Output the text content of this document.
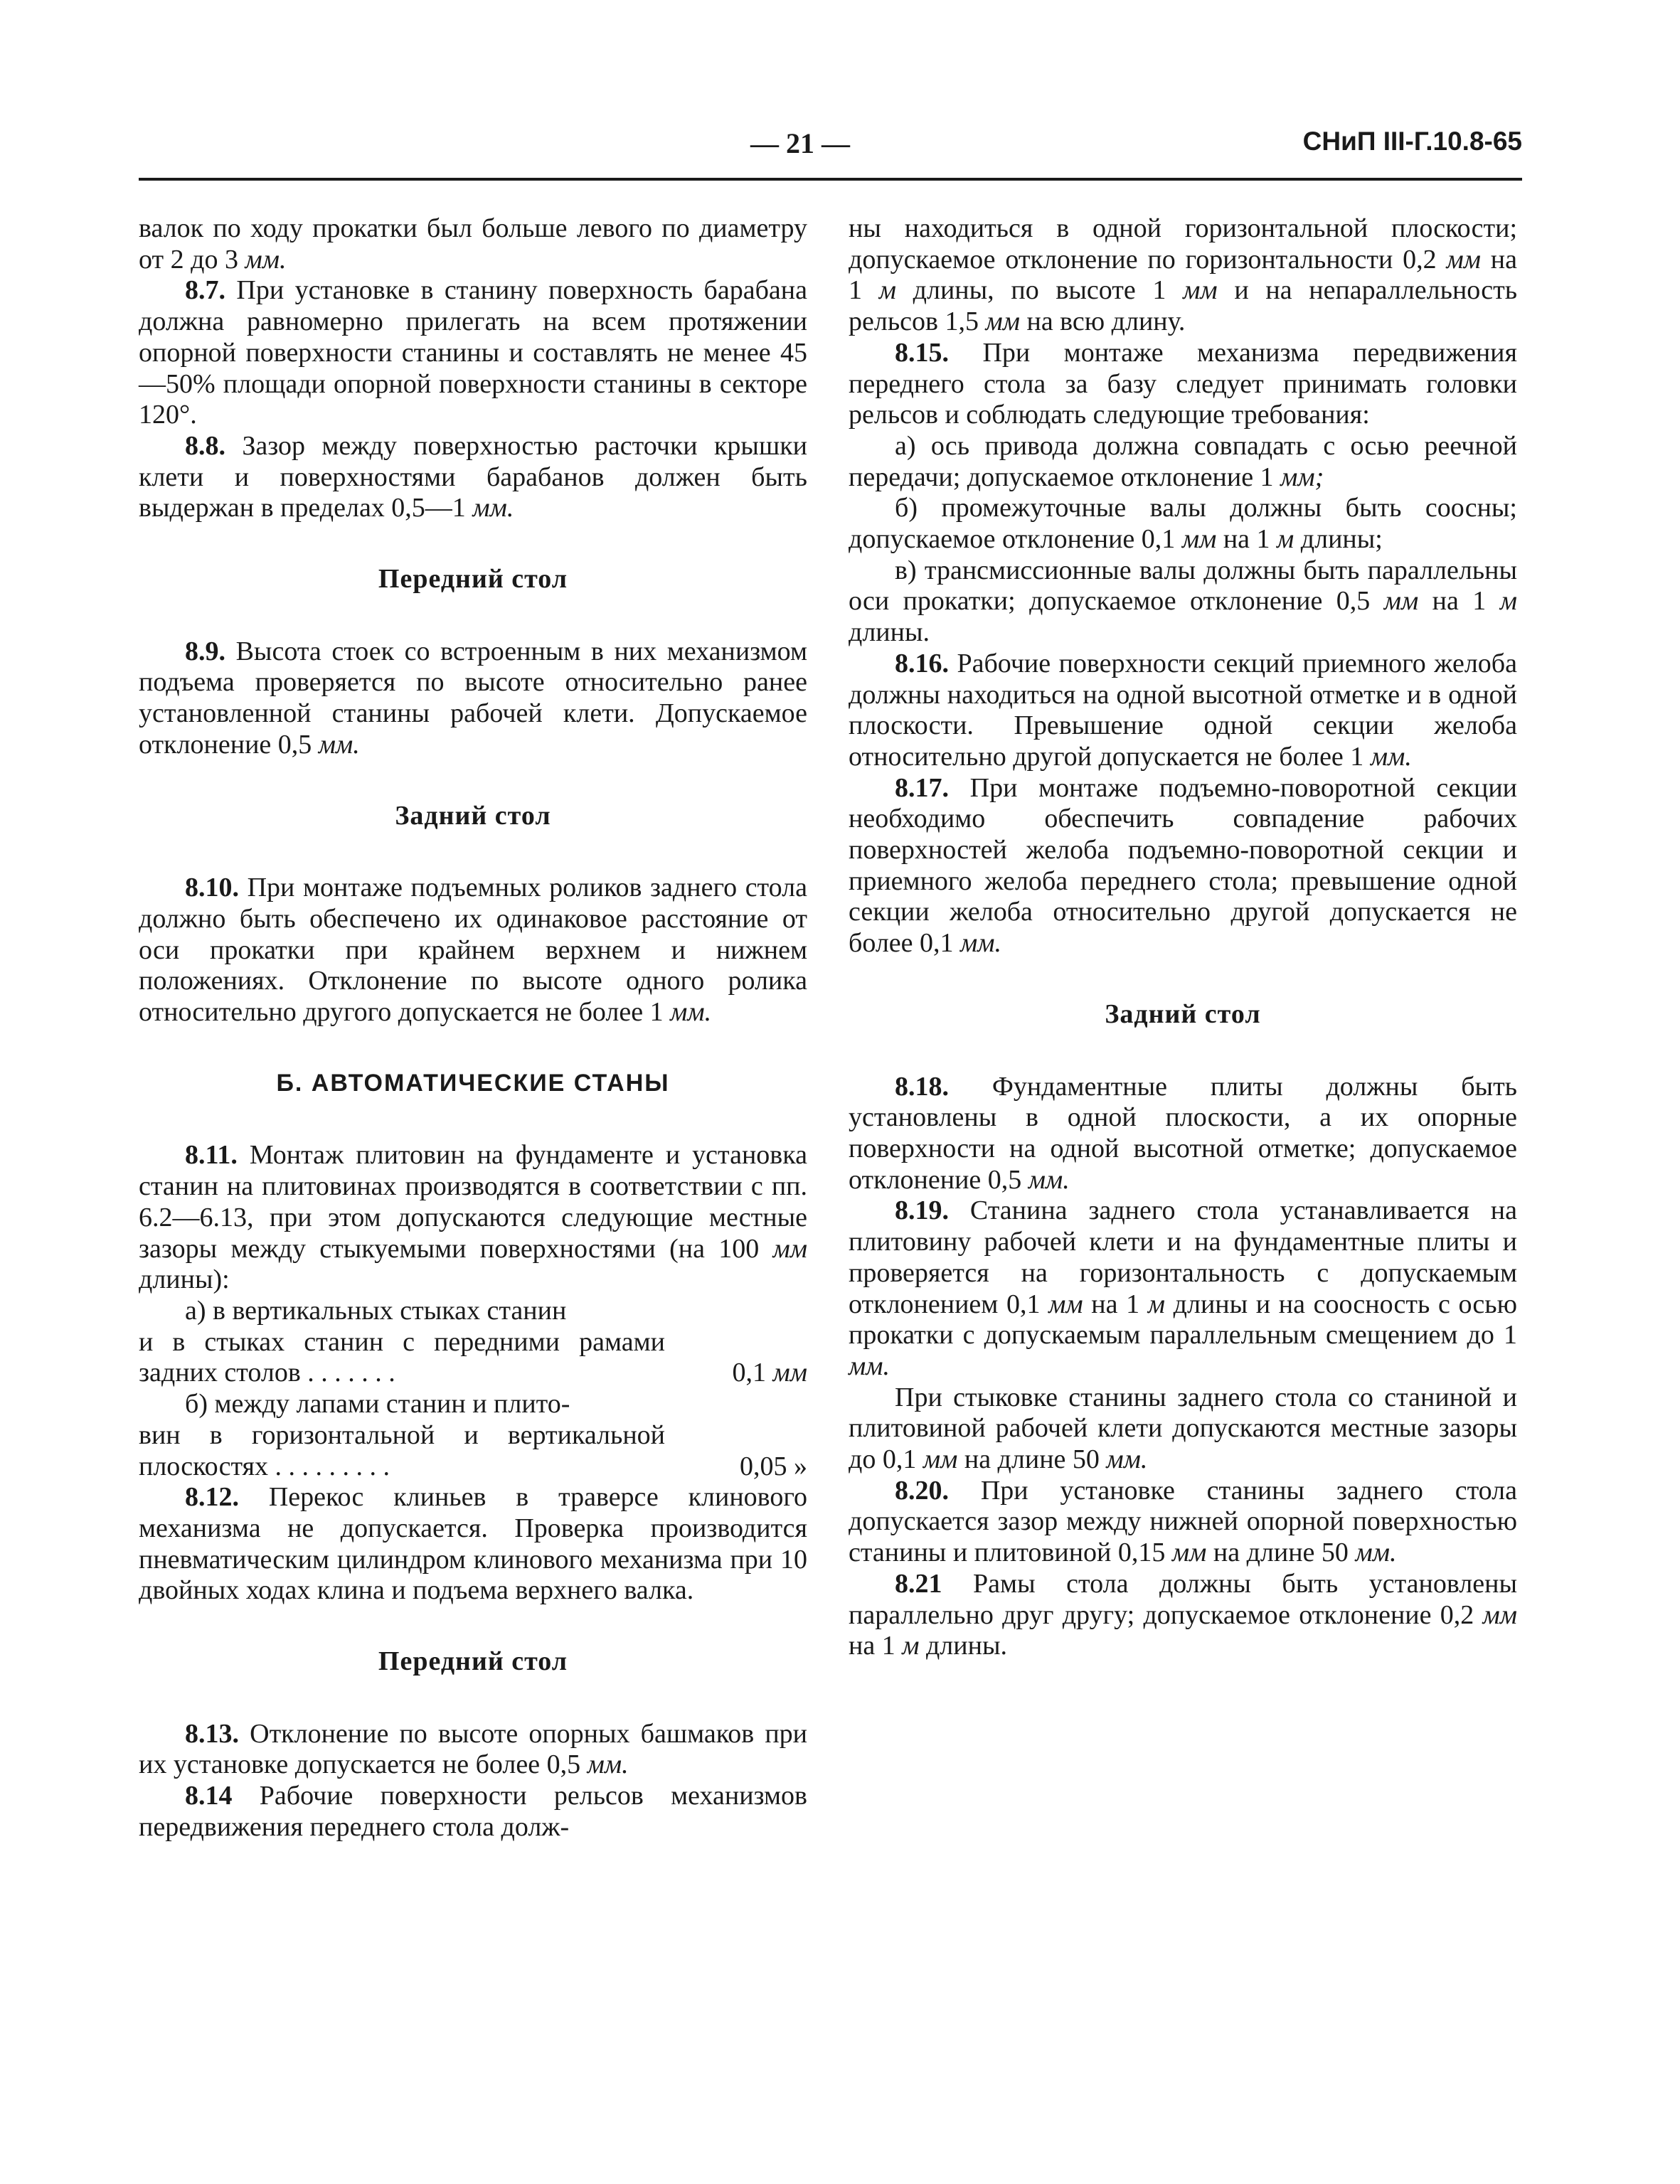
— 21 —	СНиП III-Г.10.8-65

валок по ходу прокатки был больше левого по диаметру от 2 до 3 мм.

8.7. При установке в станину поверхность барабана должна равномерно прилегать на всем протяжении опорной поверхности станины и составлять не менее 45—50% площади опорной поверхности станины в секторе 120°.

8.8. Зазор между поверхностью расточки крышки клети и поверхностями барабанов должен быть выдержан в пределах 0,5—1 мм.

Передний стол

8.9. Высота стоек со встроенным в них механизмом подъема проверяется по высоте относительно ранее установленной станины рабочей клети. Допускаемое отклонение 0,5 мм.

Задний стол

8.10. При монтаже подъемных роликов заднего стола должно быть обеспечено их одинаковое расстояние от оси прокатки при крайнем верхнем и нижнем положениях. Отклонение по высоте одного ролика относительно другого допускается не более 1 мм.

Б. АВТОМАТИЧЕСКИЕ СТАНЫ

8.11. Монтаж плитовин на фундаменте и установка станин на плитовинах производятся в соответствии с пп. 6.2—6.13, при этом допускаются следующие местные зазоры между стыкуемыми поверхностями (на 100 мм длины):

а) в вертикальных стыках станин

и в стыках станин с передними рамами задних столов . . . . . . .	0,1 мм

б) между лапами станин и плито-

вин в горизонтальной и вертикальной плоскостях . . . . . . . . .	0,05 »

8.12. Перекос клиньев в траверсе клинового механизма не допускается. Проверка производится пневматическим цилиндром клинового механизма при 10 двойных ходах клина и подъема верхнего валка.

Передний стол

8.13. Отклонение по высоте опорных башмаков при их установке допускается не более 0,5 мм.

8.14 Рабочие поверхности рельсов механизмов передвижения переднего стола долж-

ны находиться в одной горизонтальной плоскости; допускаемое отклонение по горизонтальности 0,2 мм на 1 м длины, по высоте 1 мм и на непараллельность рельсов 1,5 мм на всю длину.

8.15. При монтаже механизма передвижения переднего стола за базу следует принимать головки рельсов и соблюдать следующие требования:

а) ось привода должна совпадать с осью реечной передачи; допускаемое отклонение 1 мм;

б) промежуточные валы должны быть соосны; допускаемое отклонение 0,1 мм на 1 м длины;

в) трансмиссионные валы должны быть параллельны оси прокатки; допускаемое отклонение 0,5 мм на 1 м длины.

8.16. Рабочие поверхности секций приемного желоба должны находиться на одной высотной отметке и в одной плоскости. Превышение одной секции желоба относительно другой допускается не более 1 мм.

8.17. При монтаже подъемно-поворотной секции необходимо обеспечить совпадение рабочих поверхностей желоба подъемно-поворотной секции и приемного желоба переднего стола; превышение одной секции желоба относительно другой допускается не более 0,1 мм.

Задний стол

8.18. Фундаментные плиты должны быть установлены в одной плоскости, а их опорные поверхности на одной высотной отметке; допускаемое отклонение 0,5 мм.

8.19. Станина заднего стола устанавливается на плитовину рабочей клети и на фундаментные плиты и проверяется на горизонтальность с допускаемым отклонением 0,1 мм на 1 м длины и на соосность с осью прокатки с допускаемым параллельным смещением до 1 мм.

При стыковке станины заднего стола со станиной и плитовиной рабочей клети допускаются местные зазоры до 0,1 мм на длине 50 мм.

8.20. При установке станины заднего стола допускается зазор между нижней опорной поверхностью станины и плитовиной 0,15 мм на длине 50 мм.

8.21 Рамы стола должны быть установлены параллельно друг другу; допускаемое отклонение 0,2 мм на 1 м длины.
